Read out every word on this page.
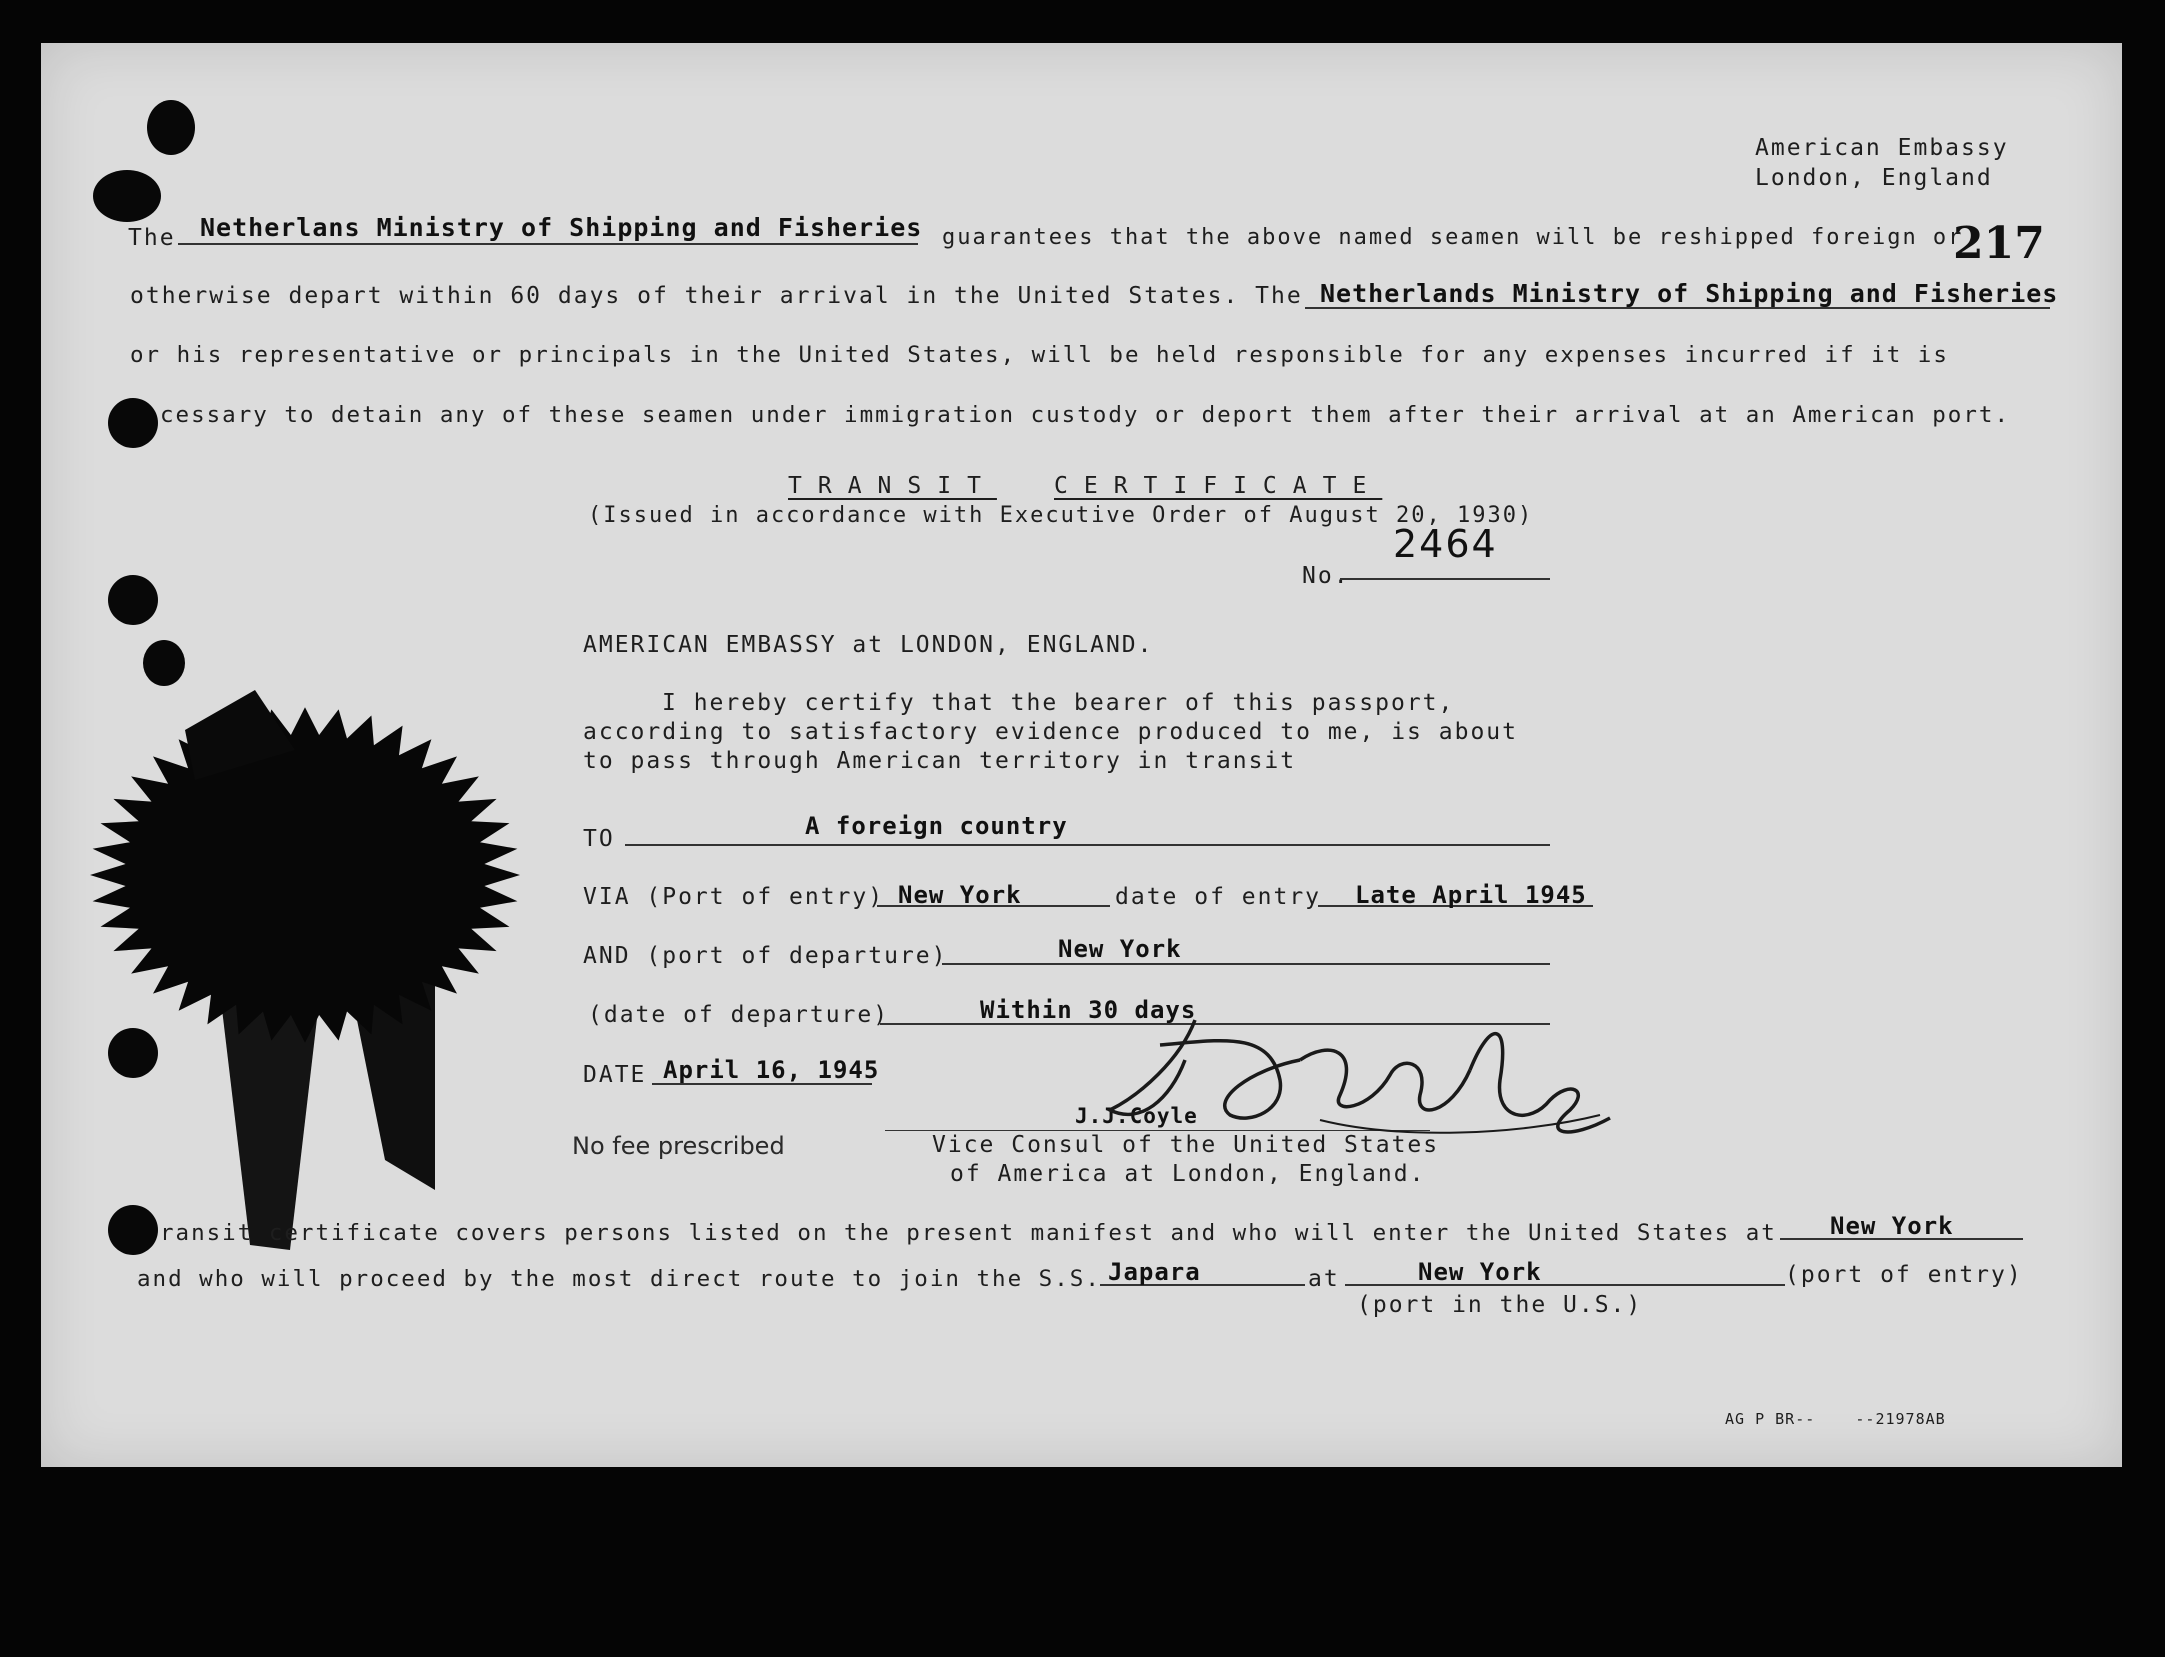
American Embassy
London, England
217
The Netherlans Ministry of Shipping and Fisheries guarantees that the above named seamen will be reshipped foreign or
otherwise depart within 60 days of their arrival in the United States. The Netherlands Ministry of Shipping and Fisheries
or his representative or principals in the United States, will be held responsible for any expenses incurred if it is
cessary to detain any of these seamen under immigration custody or deport them after their arrival at an American port.
TRANSIT CERTIFICATE
(Issued in accordance with Executive Order of August 20, 1930)
No.
2464
AMERICAN EMBASSY at LONDON, ENGLAND.
I hereby certify that the bearer of this passport,
according to satisfactory evidence produced to me, is about
to pass through American territory in transit
TO	A foreign country
VIA (Port of entry) New York	date of entry Late April 1945
AND (port of departure)	New York
(date of departure)	Within 30 days
DATE April 16, 1945
J.J.Coyle
Vice Consul of the United States
of America at London, England.
No fee prescribed
ransit certificate covers persons listed on the present manifest and who will enter the United States at New York
and who will proceed by the most direct route to join the S.S. Japara	at	New York	(port of entry)
(port in the U.S.)
AG P BR--    --21978AB
